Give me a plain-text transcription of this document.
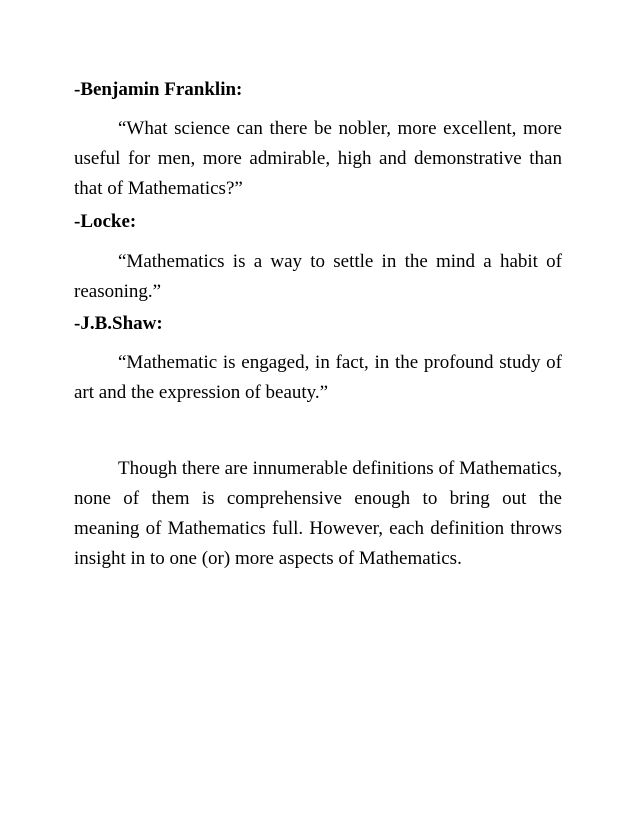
-Benjamin Franklin:

“What science can there be nobler, more excellent, more useful for men, more admirable, high and demonstrative than that of Mathematics?”

-Locke:

“Mathematics is a way to settle in the mind a habit of reasoning.”

-J.B.Shaw:

“Mathematic is engaged, in fact, in the profound study of art and the expression of beauty.”

Though there are innumerable definitions of Mathematics, none of them is comprehensive enough to bring out the meaning of Mathematics full. However, each definition throws insight in to one (or) more aspects of Mathematics.
